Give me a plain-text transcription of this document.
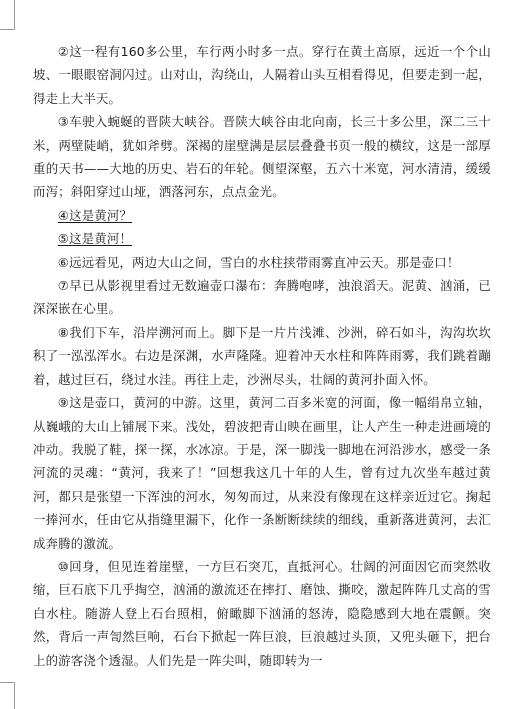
②这一程有160多公里，车行两小时多一点。穿行在黄土高原，远近一个个山坡、一眼眼窑洞闪过。山对山，沟绕山，人隔着山头互相看得见，但要走到一起，得走上大半天。

③车驶入蜿蜒的晋陕大峡谷。晋陕大峡谷由北向南，长三十多公里，深二三十米，两壁陡峭，犹如斧劈。深褐的崖壁满是层层叠叠书页一般的横纹，这是一部厚重的天书——大地的历史、岩石的年轮。侧望深壑，五六十米宽，河水清清，缓缓而泻；斜阳穿过山垭，洒落河东，点点金光。

④这是黄河？

⑤这是黄河！

⑥远远看见，两边大山之间，雪白的水柱挟带雨雾直冲云天。那是壶口！

⑦早已从影视里看过无数遍壶口瀑布：奔腾咆哮，浊浪滔天。泥黄、汹涌，已深深嵌在心里。

⑧我们下车，沿岸溯河而上。脚下是一片片浅滩、沙洲，碎石如斗，沟沟坎坎积了一泓泓浑水。右边是深渊，水声隆隆。迎着冲天水柱和阵阵雨雾，我们跳着蹦着，越过巨石，绕过水洼。再往上走，沙洲尽头，壮阔的黄河扑面入怀。

⑨这是壶口，黄河的中游。这里，黄河二百多米宽的河面，像一幅绢帛立轴，从巍峨的大山上铺展下来。浅处，碧波把青山映在画里，让人产生一种走进画境的冲动。我脱了鞋，探一探，水冰凉。于是，深一脚浅一脚地在河沿涉水，感受一条河流的灵魂：“黄河，我来了！”回想我这几十年的人生，曾有过九次坐车越过黄河，都只是张望一下浑浊的河水，匆匆而过，从来没有像现在这样亲近过它。掬起一捧河水，任由它从指缝里漏下，化作一条断断续续的细线，重新落进黄河，去汇成奔腾的激流。

⑩回身，但见连着崖壁，一方巨石突兀，直抵河心。壮阔的河面因它而突然收缩，巨石底下几乎掏空，汹涌的激流还在摔打、磨蚀、撕咬，激起阵阵几丈高的雪白水柱。随游人登上石台照相，俯瞰脚下汹涌的怒涛，隐隐感到大地在震颤。突然，背后一声訇然巨响，石台下掀起一阵巨浪，巨浪越过头顶，又兜头砸下，把台上的游客浇个透湿。人们先是一阵尖叫，随即转为一
